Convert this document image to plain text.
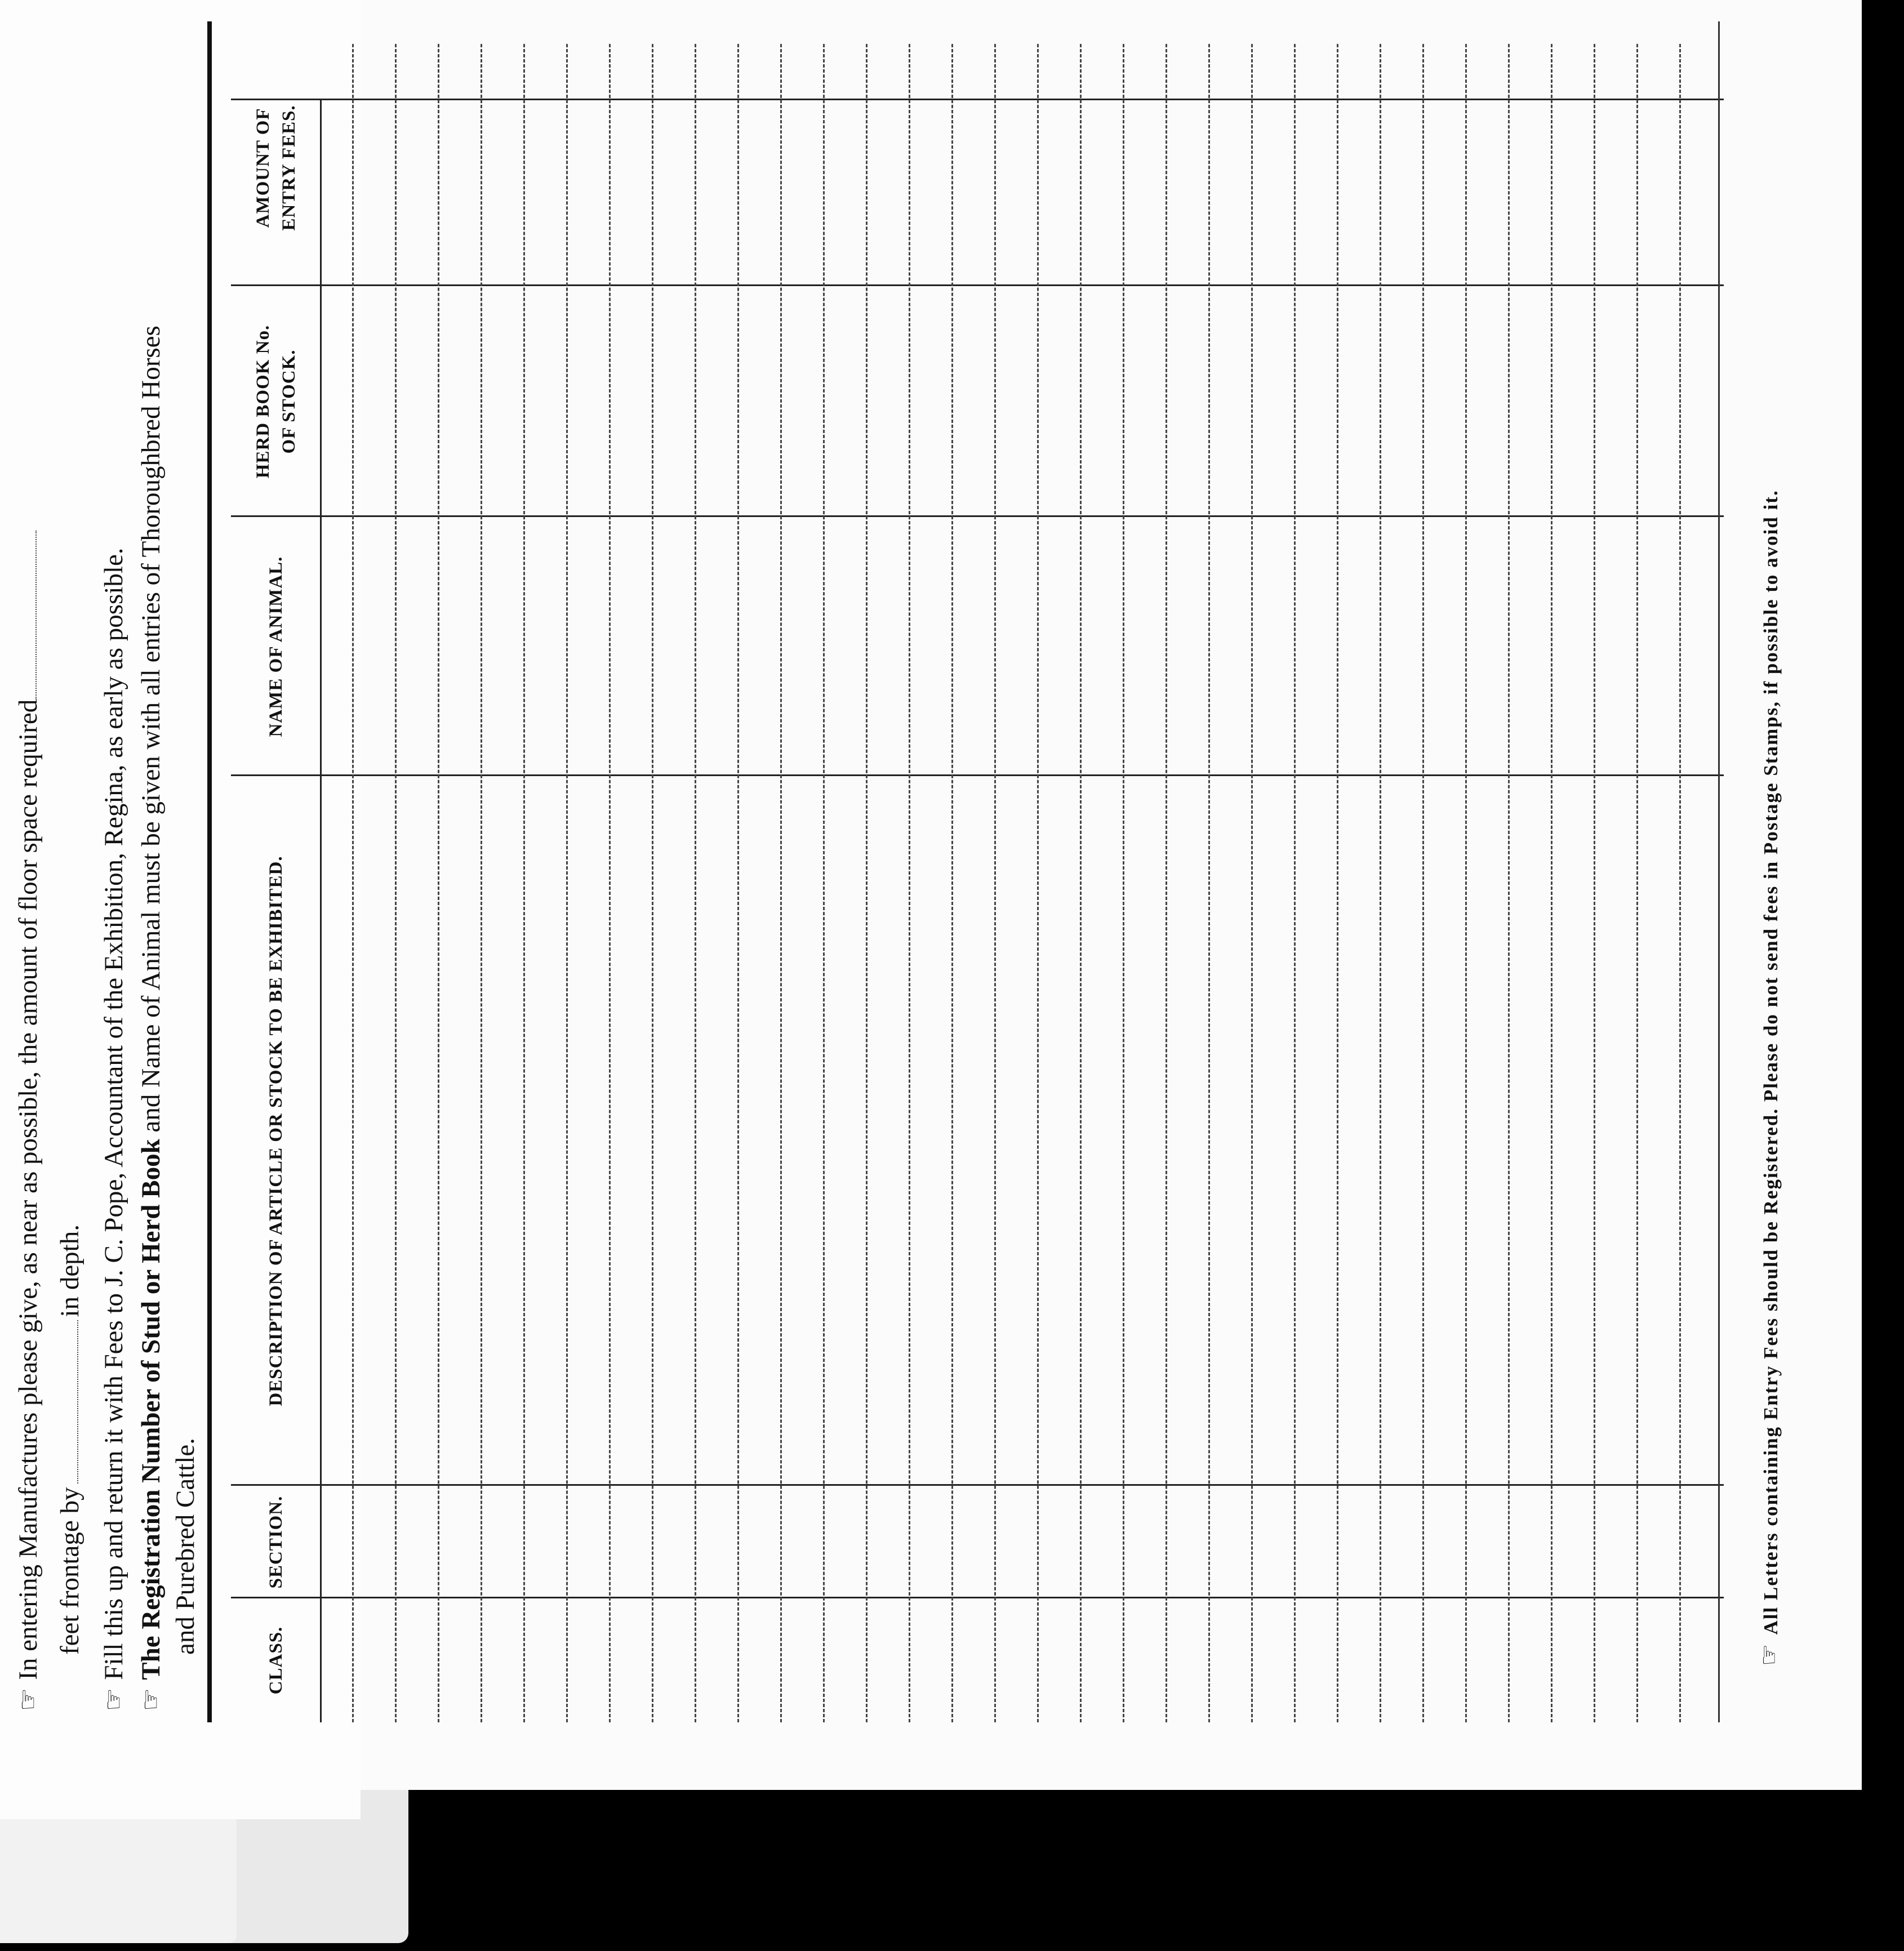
☞In entering Manufactures please give, as near as possible, the amount of floor space required feet frontage byin depth.
☞Fill this up and return it with Fees to J. C. Pope, Accountant of the Exhibition, Regina, as early as possible.
☞The Registration Number of Stud or Herd Book and Name of Animal must be given with all entries of Thoroughbred Horses
and Purebred Cattle.
CLASS.
SECTION.
DESCRIPTION OF ARTICLE OR STOCK TO BE EXHIBITED.
NAME OF ANIMAL.
HERD BOOK No. OF STOCK.
AMOUNT OF ENTRY FEES.
☞All Letters containing Entry Fees should be Registered. Please do not send fees in Postage Stamps, if possible to avoid it.
